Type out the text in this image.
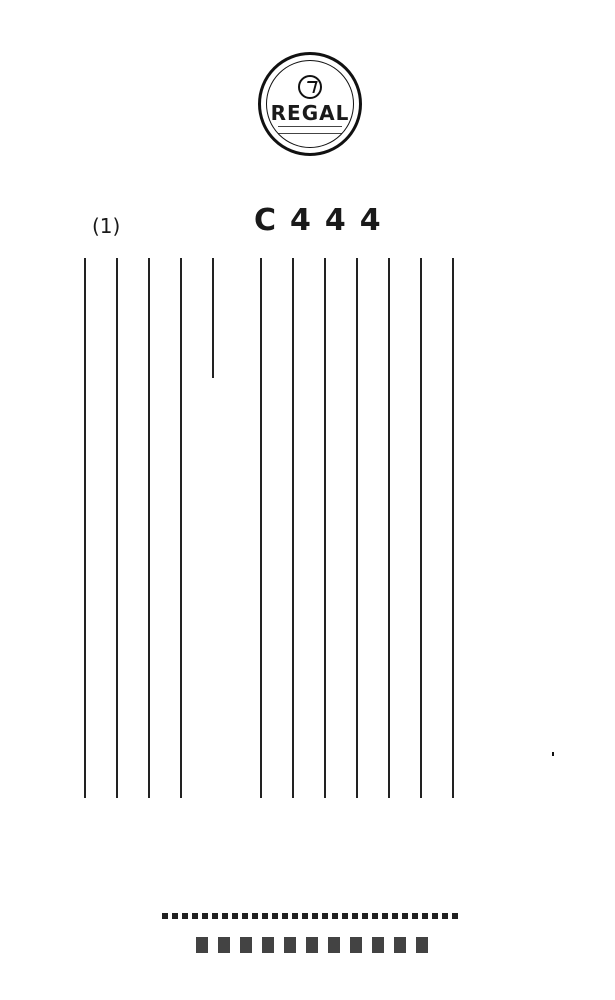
REGAL
(1)	C444
